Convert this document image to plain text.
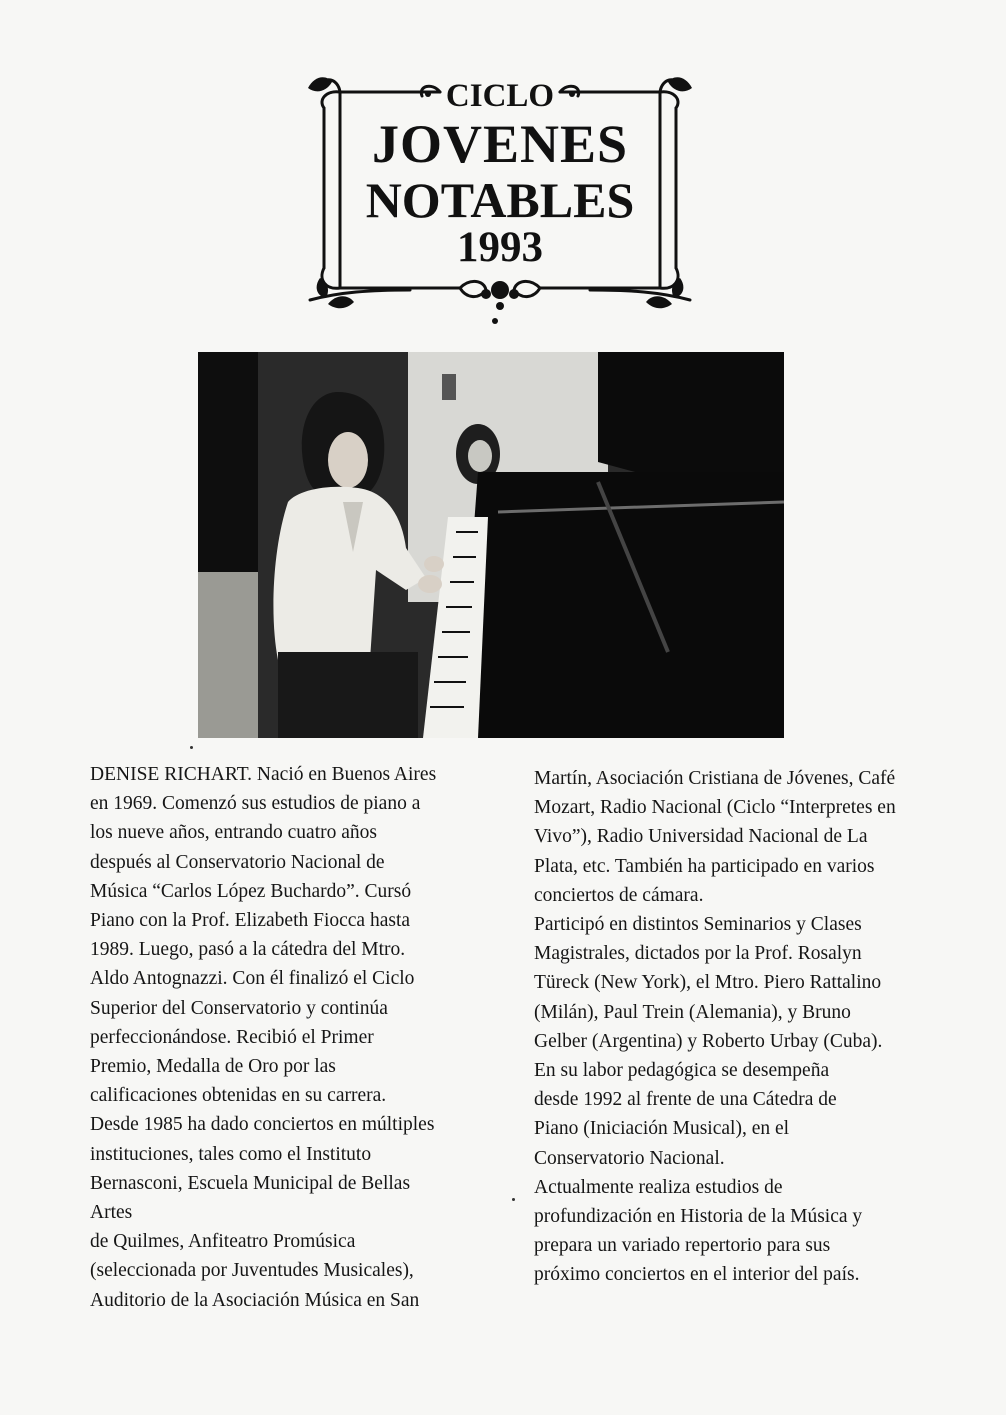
CICLO
JOVENES
NOTABLES
1993

DENISE RICHART. Nació en Buenos Aires

en 1969. Comenzó sus estudios de piano a

los nueve años, entrando cuatro años

después al Conservatorio Nacional de

Música “Carlos López Buchardo”. Cursó

Piano con la Prof. Elizabeth Fiocca hasta

1989. Luego, pasó a la cátedra del Mtro.

Aldo Antognazzi. Con él finalizó el Ciclo

Superior del Conservatorio y continúa

perfeccionándose. Recibió el Primer

Premio, Medalla de Oro por las

calificaciones obtenidas en su carrera.

Desde 1985 ha dado conciertos en múltiples

instituciones, tales como el Instituto

Bernasconi, Escuela Municipal de Bellas Artes

de Quilmes, Anfiteatro Promúsica

(seleccionada por Juventudes Musicales),

Auditorio de la Asociación Música en San

Martín, Asociación Cristiana de Jóvenes, Café

Mozart, Radio Nacional (Ciclo “Interpretes en

Vivo”), Radio Universidad Nacional de La

Plata, etc. También ha participado en varios

conciertos de cámara.

Participó en distintos Seminarios y Clases

Magistrales, dictados por la Prof. Rosalyn

Türeck (New York), el Mtro. Piero Rattalino

(Milán), Paul Trein (Alemania), y Bruno

Gelber (Argentina) y Roberto Urbay (Cuba).

En su labor pedagógica se desempeña

desde 1992 al frente de una Cátedra de

Piano (Iniciación Musical), en el

Conservatorio Nacional.

Actualmente realiza estudios de

profundización en Historia de la Música y

prepara un variado repertorio para sus

próximo conciertos en el interior del país.
